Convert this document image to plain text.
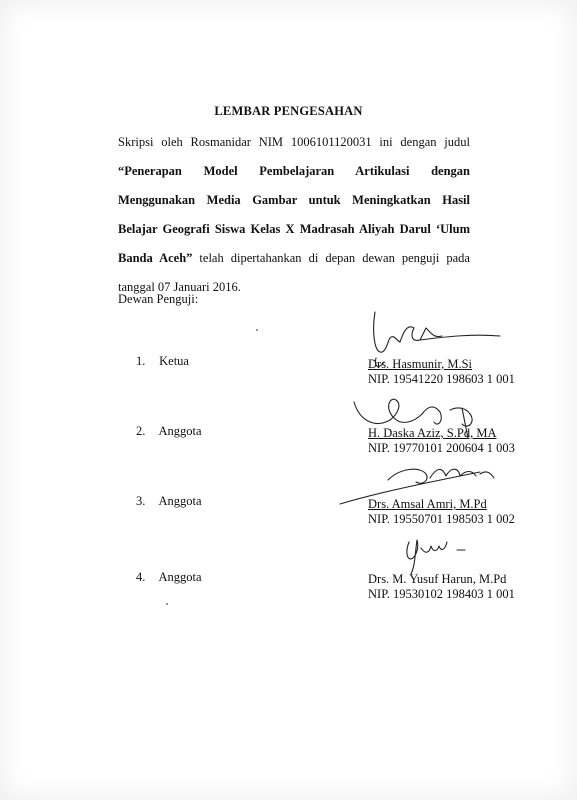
LEMBAR PENGESAHAN
Skripsi oleh Rosmanidar NIM 1006101120031 ini dengan judul “Penerapan Model Pembelajaran Artikulasi dengan Menggunakan Media Gambar untuk Meningkatkan Hasil Belajar Geografi Siswa Kelas X Madrasah Aliyah Darul ‘Ulum Banda Aceh” telah dipertahankan di depan dewan penguji pada tanggal 07 Januari 2016.
Dewan Penguji:
1. Ketua	Drs. Hasmunir, M.Si
NIP. 19541220 198603 1 001
2. Anggota	H. Daska Aziz, S.Pd, MA
NIP. 19770101 200604 1 003
3. Anggota	Drs. Amsal Amri, M.Pd
NIP. 19550701 198503 1 002
4. Anggota	Drs. M. Yusuf Harun, M.Pd
NIP. 19530102 198403 1 001
